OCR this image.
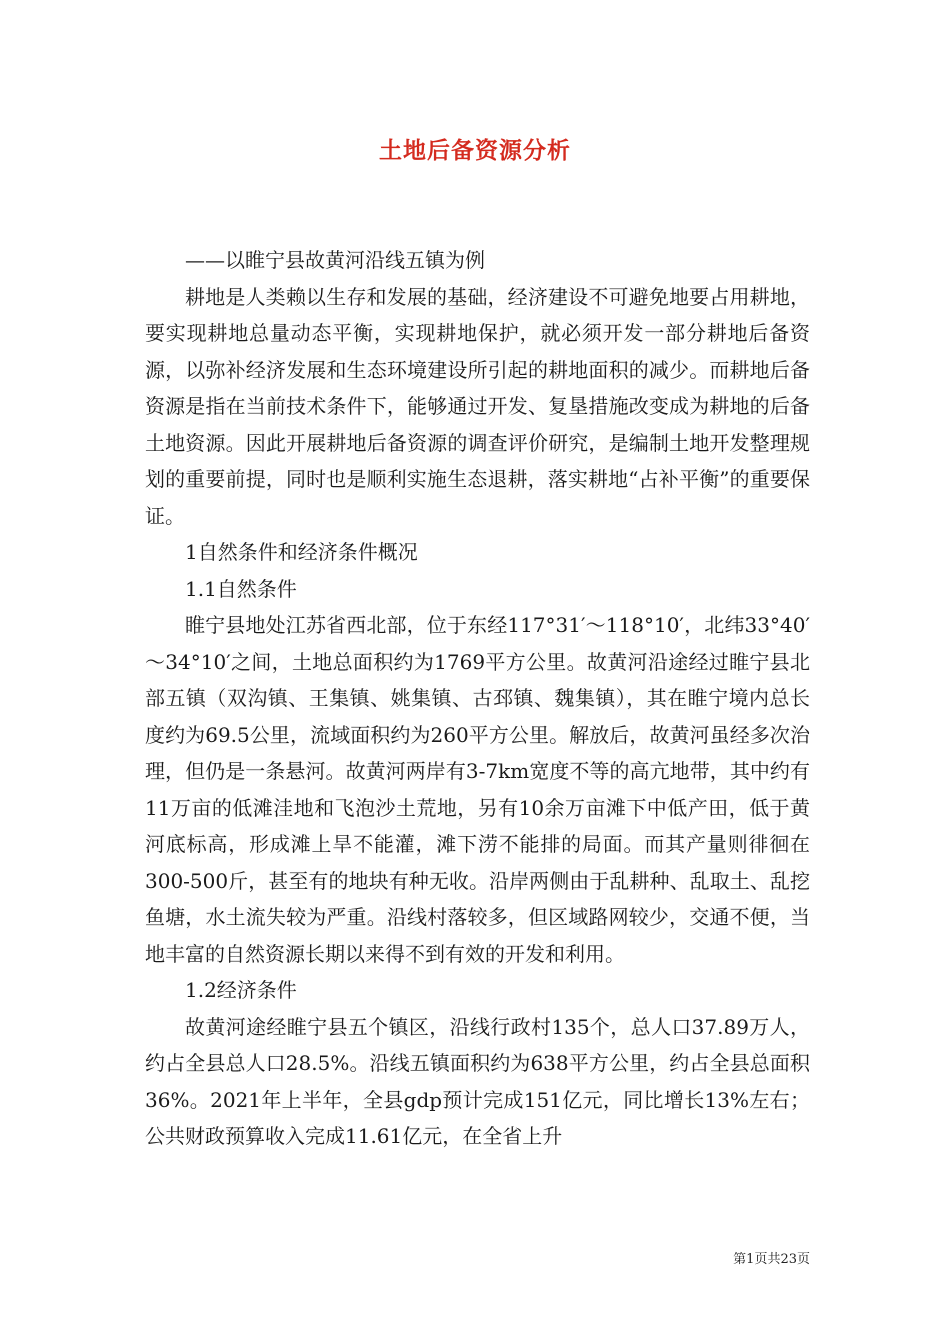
土地后备资源分析

——以睢宁县故黄河沿线五镇为例

耕地是人类赖以生存和发展的基础，经济建设不可避免地要占用耕地，要实现耕地总量动态平衡，实现耕地保护，就必须开发一部分耕地后备资源，以弥补经济发展和生态环境建设所引起的耕地面积的减少。而耕地后备资源是指在当前技术条件下，能够通过开发、复垦措施改变成为耕地的后备土地资源。因此开展耕地后备资源的调查评价研究，是编制土地开发整理规划的重要前提，同时也是顺利实施生态退耕，落实耕地“占补平衡”的重要保证。

1自然条件和经济条件概况

1.1自然条件

睢宁县地处江苏省西北部，位于东经117°31′～118°10′，北纬33°40′～34°10′之间，土地总面积约为1769平方公里。故黄河沿途经过睢宁县北部五镇（双沟镇、王集镇、姚集镇、古邳镇、魏集镇），其在睢宁境内总长度约为69.5公里，流域面积约为260平方公里。解放后，故黄河虽经多次治理，但仍是一条悬河。故黄河两岸有3-7km宽度不等的高亢地带，其中约有11万亩的低滩洼地和飞泡沙土荒地，另有10余万亩滩下中低产田，低于黄河底标高，形成滩上旱不能灌，滩下涝不能排的局面。而其产量则徘徊在300-500斤，甚至有的地块有种无收。沿岸两侧由于乱耕种、乱取土、乱挖鱼塘，水土流失较为严重。沿线村落较多，但区域路网较少，交通不便，当地丰富的自然资源长期以来得不到有效的开发和利用。

1.2经济条件

故黄河途经睢宁县五个镇区，沿线行政村135个，总人口37.89万人，约占全县总人口28.5%。沿线五镇面积约为638平方公里，约占全县总面积36%。2021年上半年，全县gdp预计完成151亿元，同比增长13%左右；公共财政预算收入完成11.61亿元，在全省上升

第1页共23页
